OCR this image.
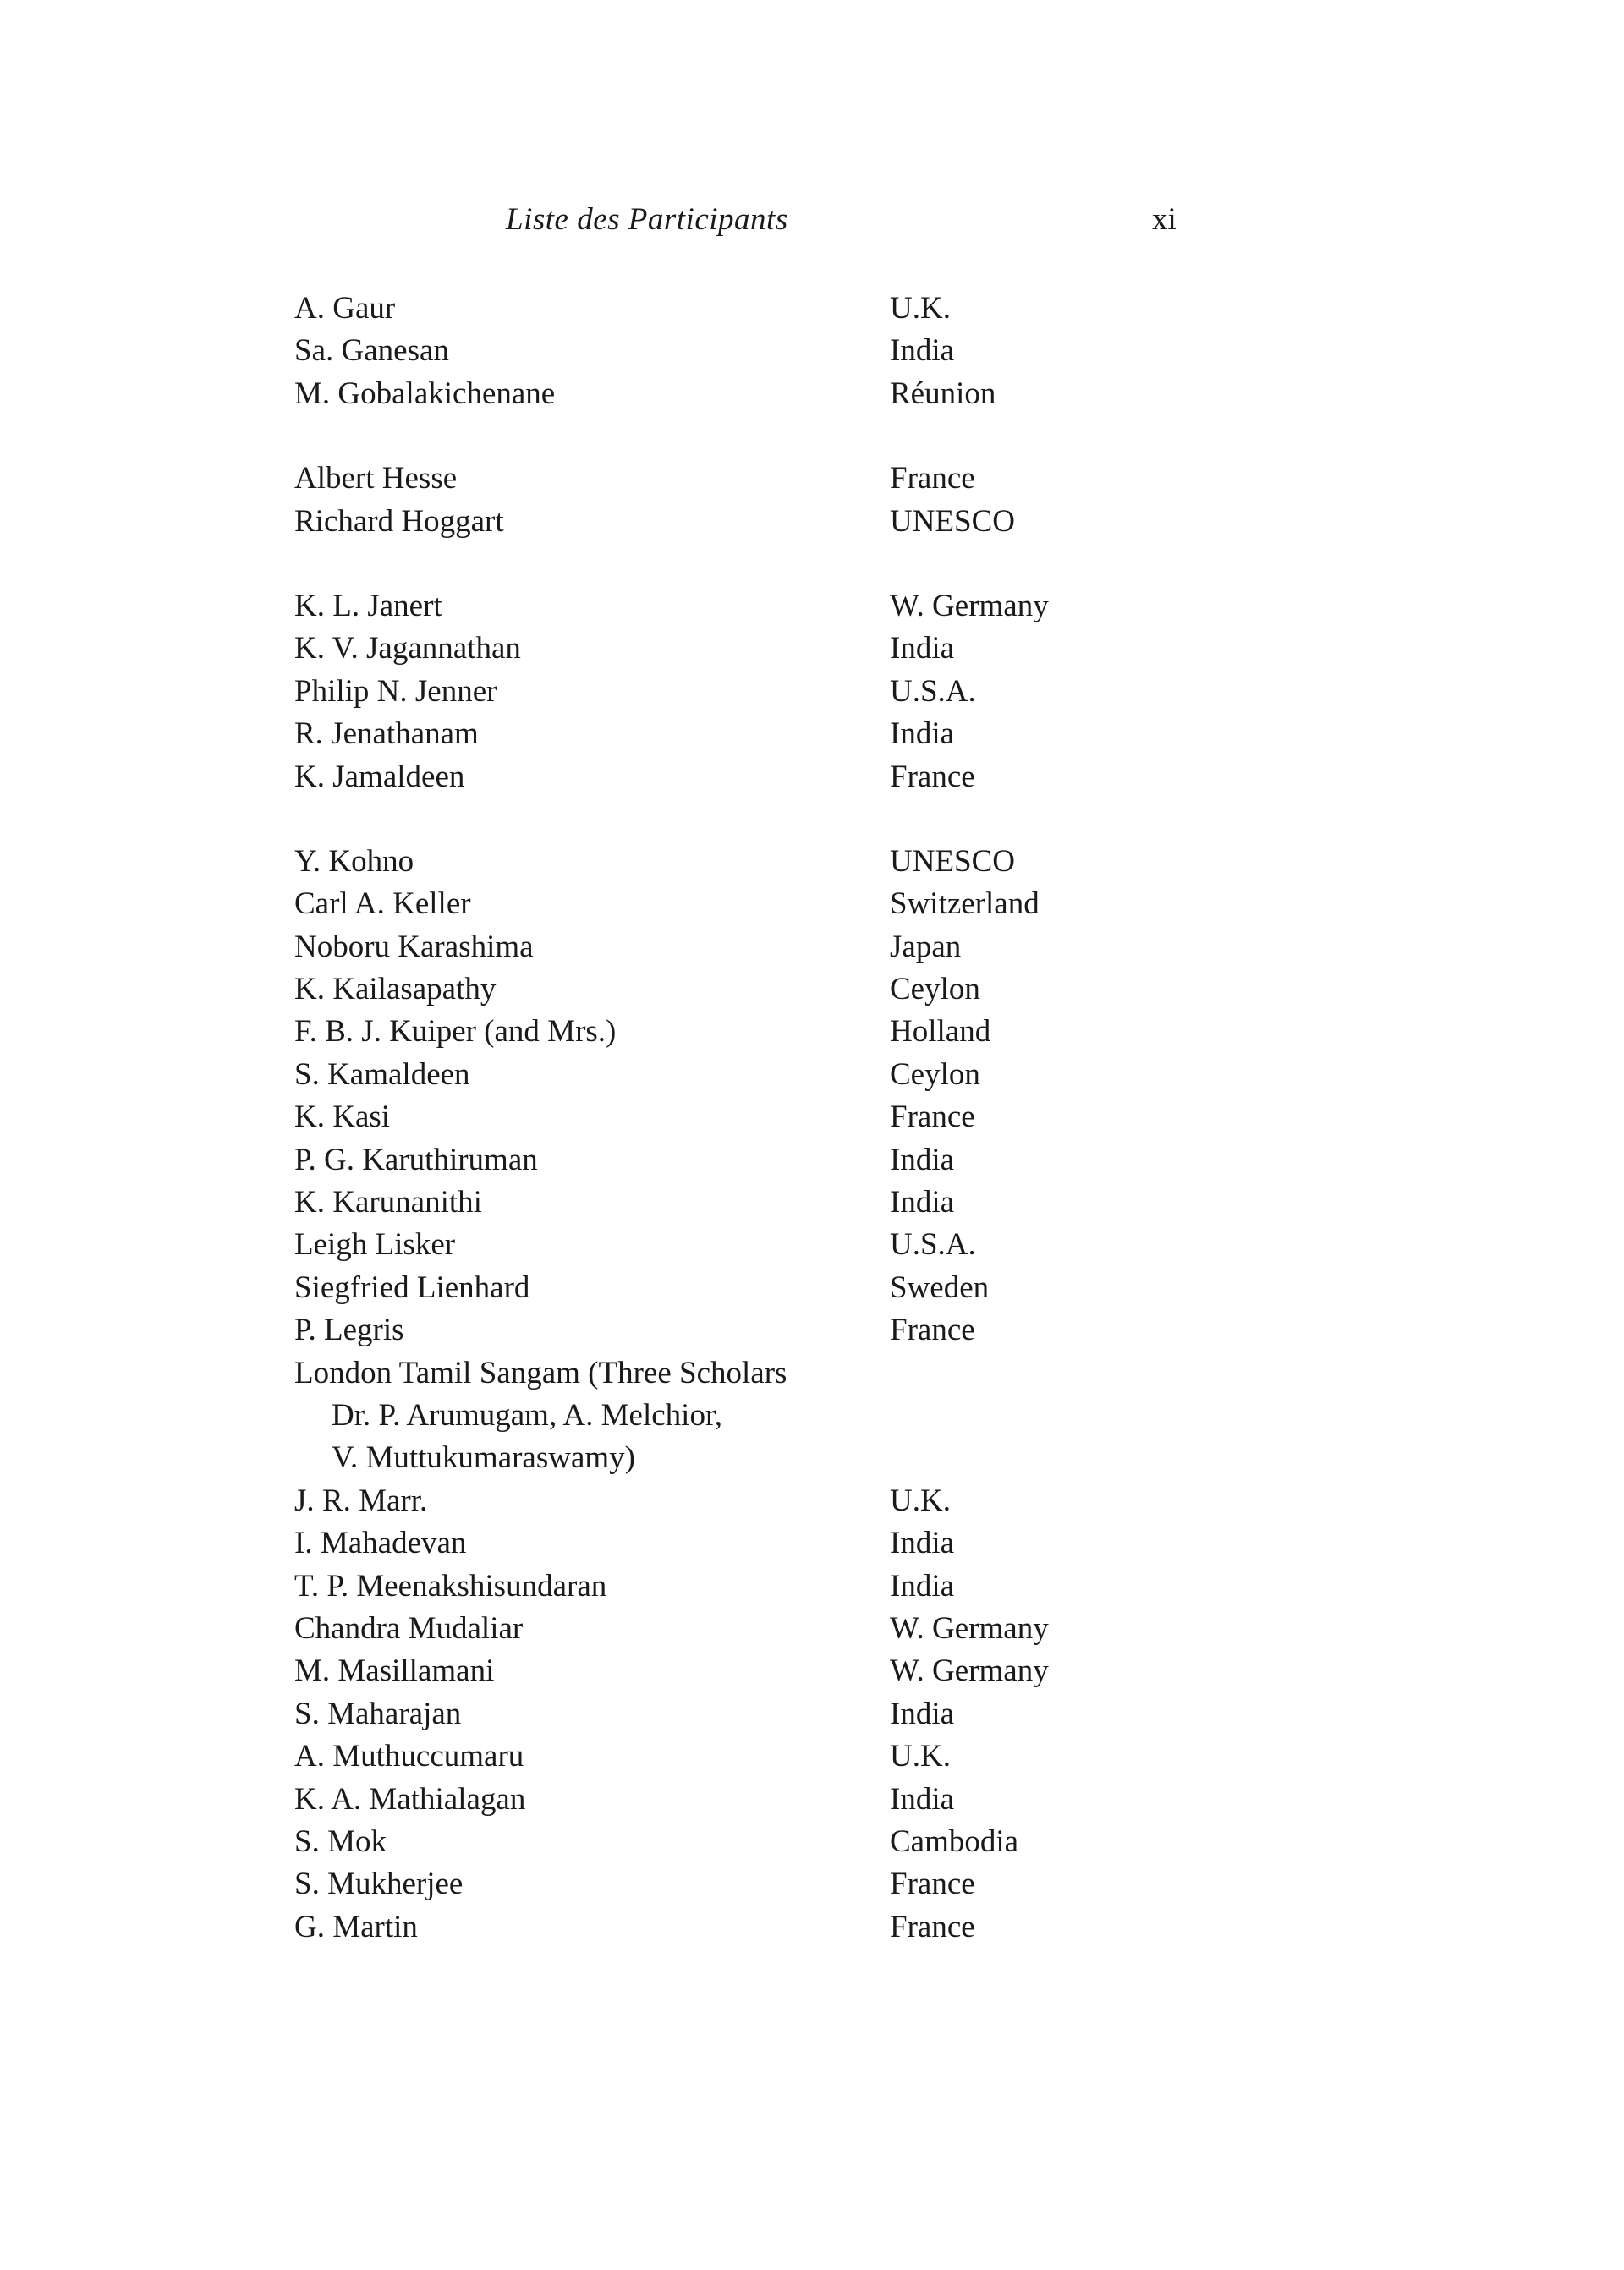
Liste des Participants	xi
A. Gaur	U.K.
Sa. Ganesan	India
M. Gobalakichenane	Réunion
Albert Hesse	France
Richard Hoggart	UNESCO
K. L. Janert	W. Germany
K. V. Jagannathan	India
Philip N. Jenner	U.S.A.
R. Jenathanam	India
K. Jamaldeen	France
Y. Kohno	UNESCO
Carl A. Keller	Switzerland
Noboru Karashima	Japan
K. Kailasapathy	Ceylon
F. B. J. Kuiper (and Mrs.)	Holland
S. Kamaldeen	Ceylon
K. Kasi	France
P. G. Karuthiruman	India
K. Karunanithi	India
Leigh Lisker	U.S.A.
Siegfried Lienhard	Sweden
P. Legris	France
London Tamil Sangam (Three Scholars
Dr. P. Arumugam, A. Melchior,
V. Muttukumaraswamy)
J. R. Marr.	U.K.
I. Mahadevan	India
T. P. Meenakshisundaran	India
Chandra Mudaliar	W. Germany
M. Masillamani	W. Germany
S. Maharajan	India
A. Muthuccumaru	U.K.
K. A. Mathialagan	India
S. Mok	Cambodia
S. Mukherjee	France
G. Martin	France
